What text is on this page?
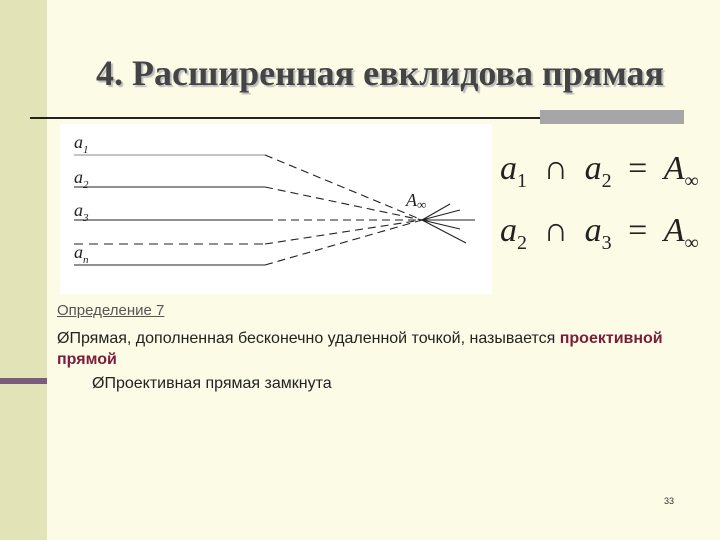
4. Расширенная евклидова прямая
$a_1$
$a_2$
$a_3$
$a_n$
A∞
$a_1$ ∩ $a_2 = A_\infty$
$a_2$ ∩ $a_3 = A_\infty$
Определение 7
ØПрямая, дополненная бесконечно удаленной точкой, называется проективной прямой
ØПроективная прямая замкнута
33
